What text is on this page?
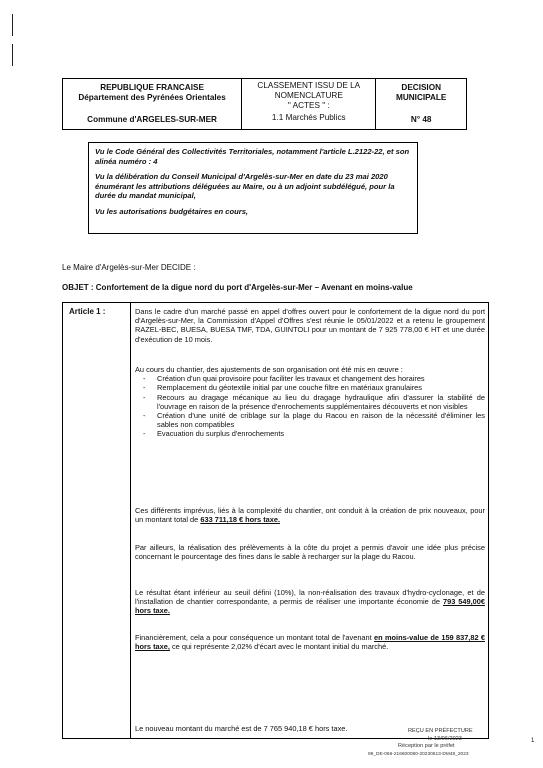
REPUBLIQUE FRANCAISE
Département des Pyrénées Orientales
Commune d'ARGELES-SUR-MER
CLASSEMENT ISSU DE LA
NOMENCLATURE
" ACTES " :
1.1 Marchés Publics
DECISION
MUNICIPALE
N° 48

Vu le Code Général des Collectivités Territoriales, notamment l'article L.2122-22, et son alinéa numéro : 4

Vu la délibération du Conseil Municipal d'Argelès-sur-Mer en date du 23 mai 2020 énumérant les attributions déléguées au Maire, ou à un adjoint subdélégué, pour la durée du mandat municipal,

Vu les autorisations budgétaires en cours,

Le Maire d'Argelès-sur-Mer DECIDE :
OBJET : Confortement de la digue nord du port d'Argelès-sur-Mer – Avenant en moins-value
Article 1 :	Dans le cadre d'un marché passé en appel d'offres ouvert pour le confortement de la digue nord du port d'Argelès-sur-Mer, la Commission d'Appel d'Offres s'est réunie le 05/01/2022 et a retenu le groupement RAZEL-BEC, BUESA, BUESA TMF, TDA, GUINTOLI pour un montant de 7 925 778,00 € HT et une durée d'exécution de 10 mois.

Au cours du chantier, des ajustements de son organisation ont été mis en œuvre :

- Création d'un quai provisoire pour faciliter les travaux et changement des horaires
- Remplacement du géotextile initial par une couche filtre en matériaux granulaires
- Recours au dragage mécanique au lieu du dragage hydraulique afin d'assurer la stabilité de l'ouvrage en raison de la présence d'enrochements supplémentaires découverts et non visibles
- Création d'une unité de criblage sur la plage du Racou en raison de la nécessité d'éliminer les sables non compatibles
- Evacuation du surplus d'enrochements

Ces différents imprévus, liés à la complexité du chantier, ont conduit à la création de prix nouveaux, pour un montant total de 633 711,18 € hors taxe.

Par ailleurs, la réalisation des prélèvements à la côte du projet a permis d'avoir une idée plus précise concernant le pourcentage des fines dans le sable à recharger sur la plage du Racou.

Le résultat étant inférieur au seuil défini (10%), la non-réalisation des travaux d'hydro-cyclonage, et de l'installation de chantier correspondante, a permis de réaliser une importante économie de 793 549,00€ hors taxe.

Financièrement, cela a pour conséquence un montant total de l'avenant en moins-value de 159 837,82 € hors taxe, ce qui représente 2,02% d'écart avec le montant initial du marché.

Le nouveau montant du marché est de 7 765 940,18 € hors taxe.	REÇU EN PRÉFECTURE
le 13/06/2023
Réception par le préfet
99_DE-066-216600080-20230613-DM48_2023
1
